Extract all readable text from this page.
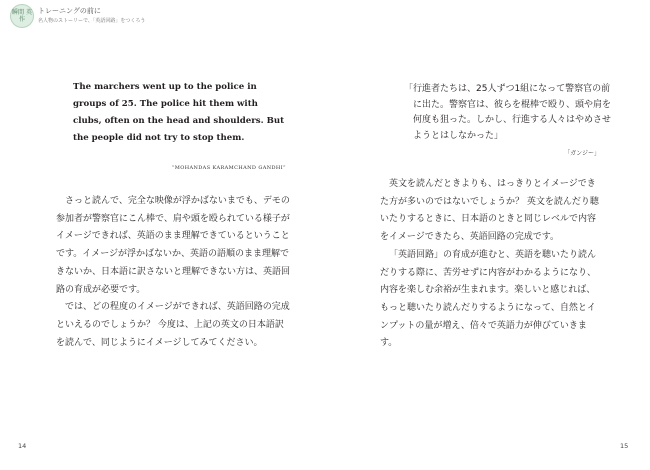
瞬間 英作
トレーニングの前に
名人物のストーリーで、「英語回路」をつくろう
The marchers went up to the police in groups of 25. The police hit them with clubs, often on the head and shoulders. But the people did not try to stop them.
“MOHANDAS KARAMCHAND GANDHI”

さっと読んで、完全な映像が浮かばないまでも、デモの参加者が警察官にこん棒で、肩や頭を殴られている様子がイメージできれば、英語のまま理解できているということです。イメージが浮かばないか、英語の語順のまま理解できないか、日本語に訳さないと理解できない方は、英語回路の育成が必要です。

では、どの程度のイメージができれば、英語回路の完成といえるのでしょうか？ 今度は、上記の英文の日本語訳を読んで、同じようにイメージしてみてください。

14
「行進者たちは、25人ずつ1組になって警察官の前に出た。警察官は、彼らを棍棒で殴り、頭や肩を何度も狙った。しかし、行進する人々はやめさせようとはしなかった」
「ガンジー」

英文を読んだときよりも、はっきりとイメージできた方が多いのではないでしょうか？ 英文を読んだり聴いたりするときに、日本語のときと同じレベルで内容をイメージできたら、英語回路の完成です。

「英語回路」の育成が進むと、英語を聴いたり読んだりする際に、苦労せずに内容がわかるようになり、内容を楽しむ余裕が生まれます。楽しいと感じれば、もっと聴いたり読んだりするようになって、自然とインプットの量が増え、倍々で英語力が伸びていきます。

15
